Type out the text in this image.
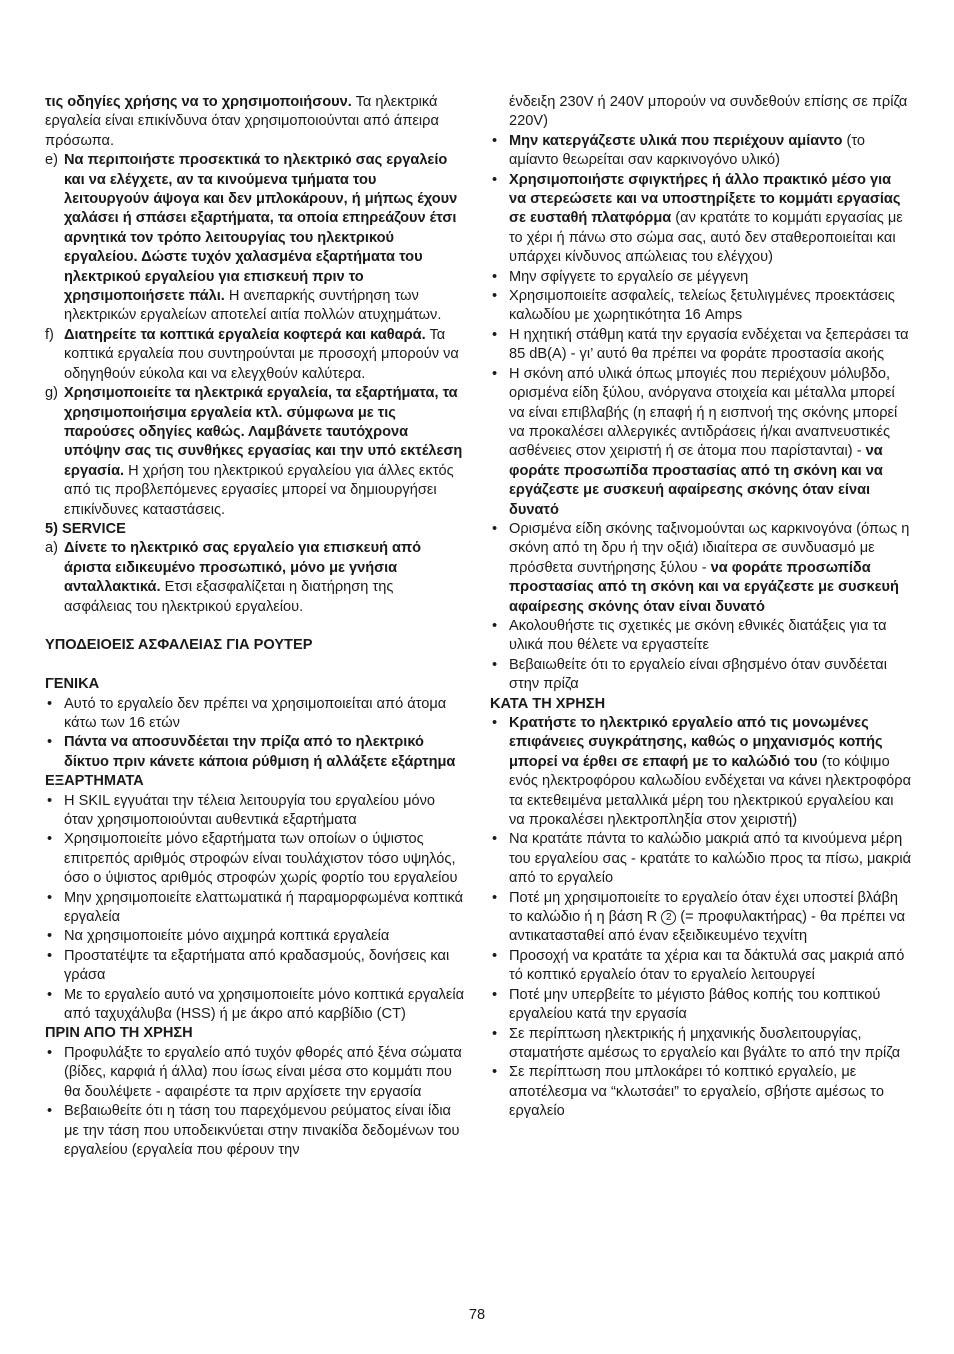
τις οδηγίες χρήσης να το χρησιμοποιήσουν. Τα ηλεκτρικά εργαλεία είναι επικίνδυνα όταν χρησιμοποιούνται από άπειρα πρόσωπα.

e) Να περιποιήστε προσεκτικά το ηλεκτρικό σας εργαλείο και να ελέγχετε, αν τα κινούμενα τμήματα του λειτουργούν άψογα και δεν μπλοκάρουν, ή μήπως έχουν χαλάσει ή σπάσει εξαρτήματα, τα οποία επηρεάζουν έτσι αρνητικά τον τρόπο λειτουργίας του ηλεκτρικού εργαλείου. Δώστε τυχόν χαλασμένα εξαρτήματα του ηλεκτρικού εργαλείου για επισκευή πριν το χρησιμοποιήσετε πάλι. Η ανεπαρκής συντήρηση των ηλεκτρικών εργαλείων αποτελεί αιτία πολλών ατυχημάτων.
f) Διατηρείτε τα κοπτικά εργαλεία κοφτερά και καθαρά. Τα κοπτικά εργαλεία που συντηρούνται με προσοχή μπορούν να οδηγηθούν εύκολα και να ελεγχθούν καλύτερα.
g) Χρησιμοποιείτε τα ηλεκτρικά εργαλεία, τα εξαρτήματα, τα χρησιμοποιήσιμα εργαλεία κτλ. σύμφωνα με τις παρούσες οδηγίες καθώς. Λαμβάνετε ταυτόχρονα υπόψην σας τις συνθήκες εργασίας και την υπό εκτέλεση εργασία. Η χρήση του ηλεκτρικού εργαλείου για άλλες εκτός από τις προβλεπόμενες εργασίες μπορεί να δημιουργήσει επικίνδυνες καταστάσεις.

5) SERVICE

a) Δίνετε το ηλεκτρικό σας εργαλείο για επισκευή από άριστα ειδικευμένο προσωπικό, μόνο με γνήσια ανταλλακτικά. Ετσι εξασφαλίζεται η διατήρηση της ασφάλειας του ηλεκτρικού εργαλείου.

ΥΠΟΔΕΙΟΕΙΣ ΑΣΦΑΛΕΙΑΣ ΓΙΑ ΡΟΥΤΕΡ

ΓΕΝΙΚΑ

•
Αυτό το εργαλείο δεν πρέπει να χρησιμοποιείται από άτομα κάτω των 16 ετών
•
Πάντα να αποσυνδέεται την πρίζα από το ηλεκτρικό δίκτυο πριν κάνετε κάποια ρύθμιση ή αλλάξετε εξάρτημα

ΕΞΑΡΤΗΜΑΤΑ

•
Η SKIL εγγυάται την τέλεια λειτουργία του εργαλείου μόνο όταν χρησιμοποιούνται αυθεντικά εξαρτήματα
•
Χρησιμοποιείτε μόνο εξαρτήματα των οποίων ο ύψιστος επιτρεπός αριθμός στροφών είναι τουλάχιστον τόσο υψηλός, όσο ο ύψιστος αριθμός στροφών χωρίς φορτίο του εργαλείου
•
Μην χρησιμοποιείτε ελαττωματικά ή παραμορφωμένα κοπτικά εργαλεία
•
Να χρησιμοποιείτε μόνο αιχμηρά κοπτικά εργαλεία
•
Προστατέψτε τα εξαρτήματα από κραδασμούς, δονήσεις και γράσα
•
Με το εργαλείο αυτό να χρησιμοποιείτε μόνο κοπτικά εργαλεία από ταχυχάλυβα (HSS) ή με άκρο από καρβίδιο (CT)

ΠΡΙΝ ΑΠΟ ΤΗ ΧΡΗΣΗ

•
Προφυλάξτε το εργαλείο από τυχόν φθορές από ξένα σώματα (βίδες, καρφιά ή άλλα) που ίσως είναι μέσα στο κομμάτι που θα δουλέψετε - αφαιρέστε τα πριν αρχίσετε την εργασία
•
Βεβαιωθείτε ότι η τάση του παρεχόμενου ρεύματος είναι ίδια με την τάση που υποδεικνύεται στην πινακίδα δεδομένων του εργαλείου (εργαλεία που φέρουν την
ένδειξη 230V ή 240V μπορούν να συνδεθούν επίσης σε πρίζα 220V)
•
Μην κατεργάζεστε υλικά που περιέχουν αμίαντο (το αμίαντο θεωρείται σαν καρκινογόνο υλικό)
•
Χρησιμοποιήστε σφιγκτήρες ή άλλο πρακτικό μέσο για να στερεώσετε και να υποστηρίξετε το κομμάτι εργασίας σε ευσταθή πλατφόρμα (αν κρατάτε το κομμάτι εργασίας με το χέρι ή πάνω στο σώμα σας, αυτό δεν σταθεροποιείται και υπάρχει κίνδυνος απώλειας του ελέγχου)
•
Μην σφίγγετε το εργαλείο σε μέγγενη
•
Χρησιμοποιείτε ασφαλείς, τελείως ξετυλιγμένες προεκτάσεις καλωδίου με χωρητικότητα 16 Amps
•
Η ηχητική στάθμη κατά την εργασία ενδέχεται να ξεπεράσει τα 85 dB(A) - γι’ αυτό θα πρέπει να φοράτε προστασία ακοής
•
Η σκόνη από υλικά όπως μπογιές που περιέχουν μόλυβδο, ορισμένα είδη ξύλου, ανόργανα στοιχεία και μέταλλα μπορεί να είναι επιβλαβής (η επαφή ή η εισπνοή της σκόνης μπορεί να προκαλέσει αλλεργικές αντιδράσεις ή/και αναπνευστικές ασθένειες στον χειριστή ή σε άτομα που παρίστανται) - να φοράτε προσωπίδα προστασίας από τη σκόνη και να εργάζεστε με συσκευή αφαίρεσης σκόνης όταν είναι δυνατό
•
Ορισμένα είδη σκόνης ταξινομούνται ως καρκινογόνα (όπως η σκόνη από τη δρυ ή την οξιά) ιδιαίτερα σε συνδυασμό με πρόσθετα συντήρησης ξύλου - να φοράτε προσωπίδα προστασίας από τη σκόνη και να εργάζεστε με συσκευή αφαίρεσης σκόνης όταν είναι δυνατό
•
Ακολουθήστε τις σχετικές με σκόνη εθνικές διατάξεις για τα υλικά που θέλετε να εργαστείτε
•
Βεβαιωθείτε ότι το εργαλείο είναι σβησμένο όταν συνδέεται στην πρίζα

ΚΑΤΑ ΤΗ ΧΡΗΣΗ

•
Κρατήστε το ηλεκτρικό εργαλείο από τις μονωμένες επιφάνειες συγκράτησης, καθώς ο μηχανισμός κοπής μπορεί να έρθει σε επαφή με το καλώδιό του (το κόψιμο ενός ηλεκτροφόρου καλωδίου ενδέχεται να κάνει ηλεκτροφόρα τα εκτεθειμένα μεταλλικά μέρη του ηλεκτρικού εργαλείου και να προκαλέσει ηλεκτροπληξία στον χειριστή)
•
Να κρατάτε πάντα το καλώδιο μακριά από τα κινούμενα μέρη του εργαλείου σας - κρατάτε το καλώδιο προς τα πίσω, μακριά από το εργαλείο
•
Ποτέ μη χρησιμοποιείτε το εργαλείο όταν έχει υποστεί βλάβη το καλώδιο ή η βάση R 2 (= προφυλακτήρας) - θα πρέπει να αντικατασταθεί από έναν εξειδικευμένο τεχνίτη
•
Προσοχή να κρατάτε τα χέρια και τα δάκτυλά σας μακριά από τό κοπτικό εργαλείο όταν το εργαλείο λειτουργεί
•
Ποτέ μην υπερβείτε το μέγιστο βάθος κοπής του κοπτικού εργαλείου κατά την εργασία
•
Σε περίπτωση ηλεκτρικής ή μηχανικής δυσλειτουργίας, σταματήστε αμέσως το εργαλείο και βγάλτε το από την πρίζα
•
Σε περίπτωση που μπλοκάρει τό κοπτικό εργαλείο, με αποτέλεσμα να “κλωτσάει” το εργαλείο, σβήστε αμέσως το εργαλείο
78
